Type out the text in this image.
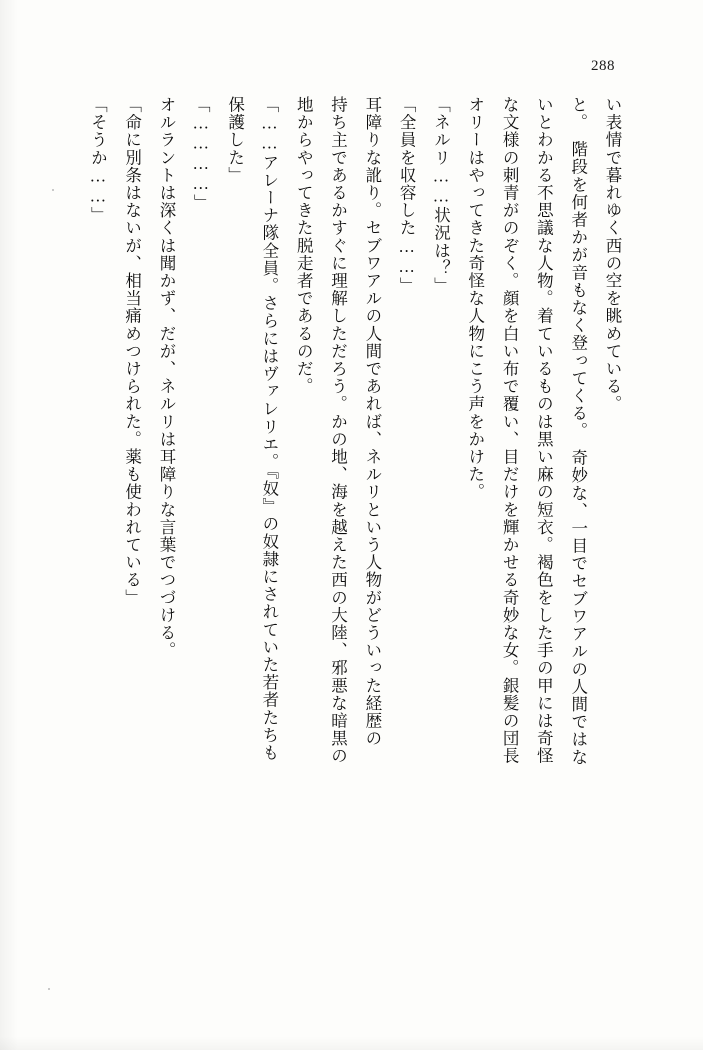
288

い表情で暮れゆく西の空を眺めている。

と。　階段を何者かが音もなく登ってくる。　奇妙な、一目でセブワアルの人間ではな

いとわかる不思議な人物。着ているものは黒い麻の短衣。褐色をした手の甲には奇怪

な文様の刺青がのぞく。顔を白い布で覆い、目だけを輝かせる奇妙な女。銀髪の団長

オリーはやってきた奇怪な人物にこう声をかけた。

「ネルリ……状況は？」

「全員を収容した……」

耳障りな訛り。セブワアルの人間であれば、ネルリという人物がどういった経歴の

持ち主であるかすぐに理解しただろう。かの地、海を越えた西の大陸、邪悪な暗黒の

地からやってきた脱走者であるのだ。

「……アレーナ隊全員。さらにはヴァレリエ。『奴』の奴隷にされていた若者たちも

保護した」

「…………」

オルラントは深くは聞かず、だが、ネルリは耳障りな言葉でつづける。

「命に別条はないが、相当痛めつけられた。薬も使われている」

「そうか……」
